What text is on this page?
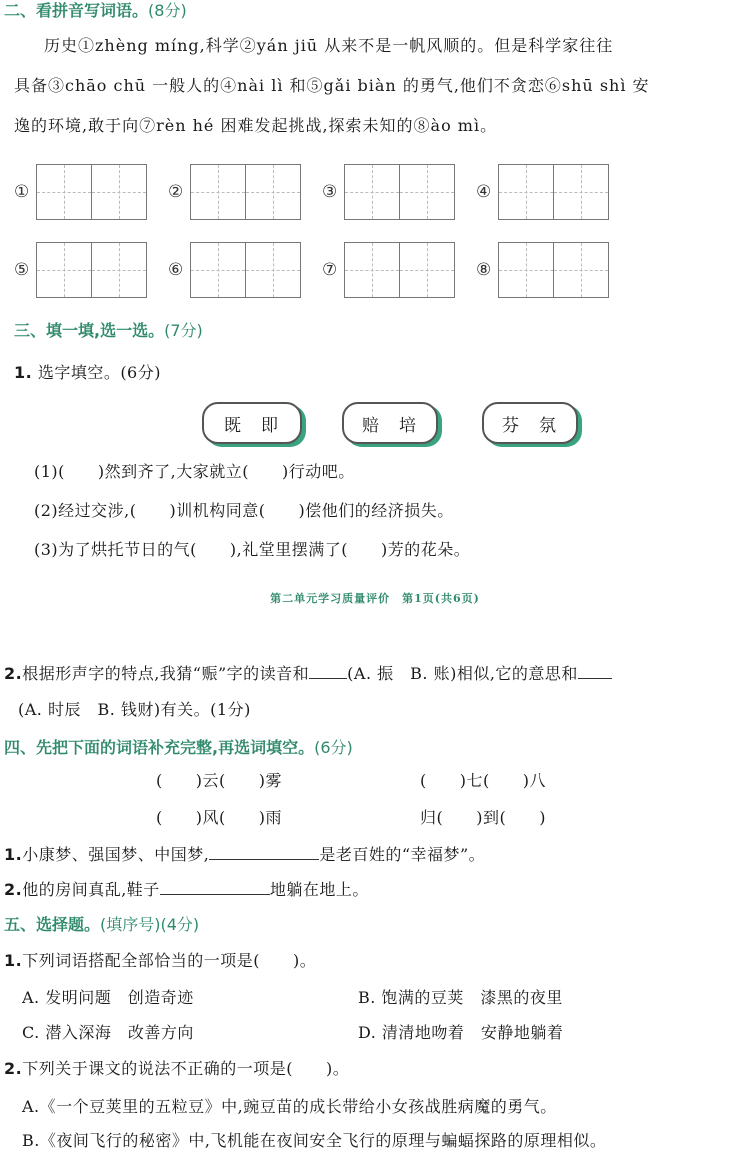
二、看拼音写词语。(8分)
历史①zhèng míng,科学②yán jiū 从来不是一帆风顺的。但是科学家往往
具备③chāo chū 一般人的④nài lì 和⑤gǎi biàn 的勇气,他们不贪恋⑥shū shì 安
逸的环境,敢于向⑦rèn hé 困难发起挑战,探索未知的⑧ào mì。
①	②	③	④
⑤	⑥	⑦	⑧
三、填一填,选一选。(7分)
1. 选字填空。(6分)
既 即	赔 培	芬 氛
(1)(　　)然到齐了,大家就立(　　)行动吧。
(2)经过交涉,(　　)训机构同意(　　)偿他们的经济损失。
(3)为了烘托节日的气(　　),礼堂里摆满了(　　)芳的花朵。
第二单元学习质量评价　第1页(共6页)
2.根据形声字的特点,我猜“赈”字的读音和 (A. 振　B. 账)相似,它的意思和
(A. 时辰　B. 钱财)有关。(1分)
四、先把下面的词语补充完整,再选词填空。(6分)
(　　)云(　　)雾	(　　)七(　　)八
(　　)风(　　)雨	归(　　)到(　　)
1.小康梦、强国梦、中国梦,	是老百姓的“幸福梦”。
2.他的房间真乱,鞋子	地躺在地上。
五、选择题。(填序号)(4分)
1.下列词语搭配全部恰当的一项是(　　)。
A. 发明问题　创造奇迹	B. 饱满的豆荚　漆黑的夜里
C. 潜入深海　改善方向	D. 清清地吻着　安静地躺着
2.下列关于课文的说法不正确的一项是(　　)。
A.《一个豆荚里的五粒豆》中,豌豆苗的成长带给小女孩战胜病魔的勇气。
B.《夜间飞行的秘密》中,飞机能在夜间安全飞行的原理与蝙蝠探路的原理相似。
